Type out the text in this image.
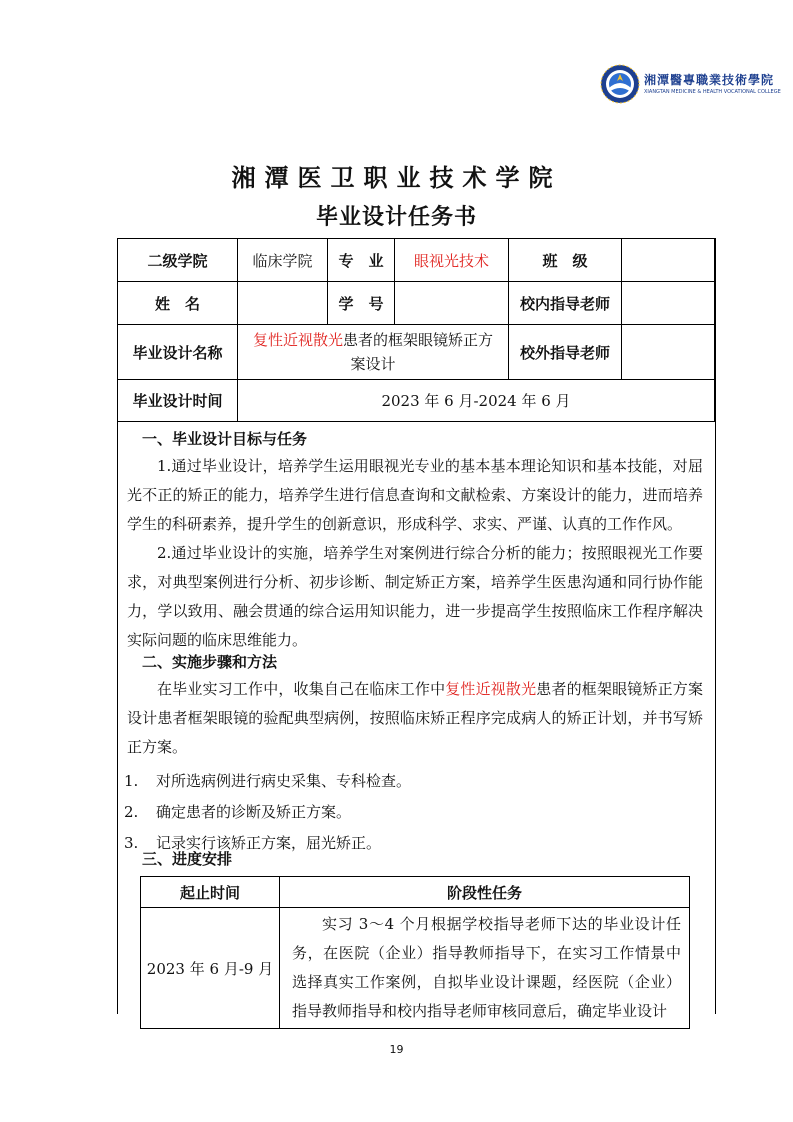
湘潭醫專職業技術學院
XIANGTAN MEDICINE & HEALTH VOCATIONAL COLLEGE
湘潭医卫职业技术学院
毕业设计任务书
一、毕业设计目标与任务
1.通过毕业设计，培养学生运用眼视光专业的基本基本理论知识和基本技能，对屈光不正的矫正的能力，培养学生进行信息查询和文献检索、方案设计的能力，进而培养学生的科研素养，提升学生的创新意识，形成科学、求实、严谨、认真的工作作风。
2.通过毕业设计的实施，培养学生对案例进行综合分析的能力；按照眼视光工作要求，对典型案例进行分析、初步诊断、制定矫正方案，培养学生医患沟通和同行协作能力，学以致用、融会贯通的综合运用知识能力，进一步提高学生按照临床工作程序解决实际问题的临床思维能力。
二、实施步骤和方法
在毕业实习工作中，收集自己在临床工作中复性近视散光患者的框架眼镜矫正方案设计患者框架眼镜的验配典型病例，按照临床矫正程序完成病人的矫正计划，并书写矫正方案。
1. 对所选病例进行病史采集、专科检查。
2. 确定患者的诊断及矫正方案。
3. 记录实行该矫正方案，屈光矫正。
三、进度安排
起止时间	阶段性任务
2023 年 6 月-9 月	实习 3～4 个月根据学校指导老师下达的毕业设计任务，在医院（企业）指导教师指导下，在实习工作情景中选择真实工作案例，自拟毕业设计课题，经医院（企业）指导教师指导和校内指导老师审核同意后，确定毕业设计
二级学院	临床学院	专　业	眼视光技术	班　级	
姓　名		学　号		校内指导老师	
毕业设计名称	复性近视散光患者的框架眼镜矫正方案设计			校外指导老师	
毕业设计时间	2023 年 6 月-2024 年 6 月				
19
